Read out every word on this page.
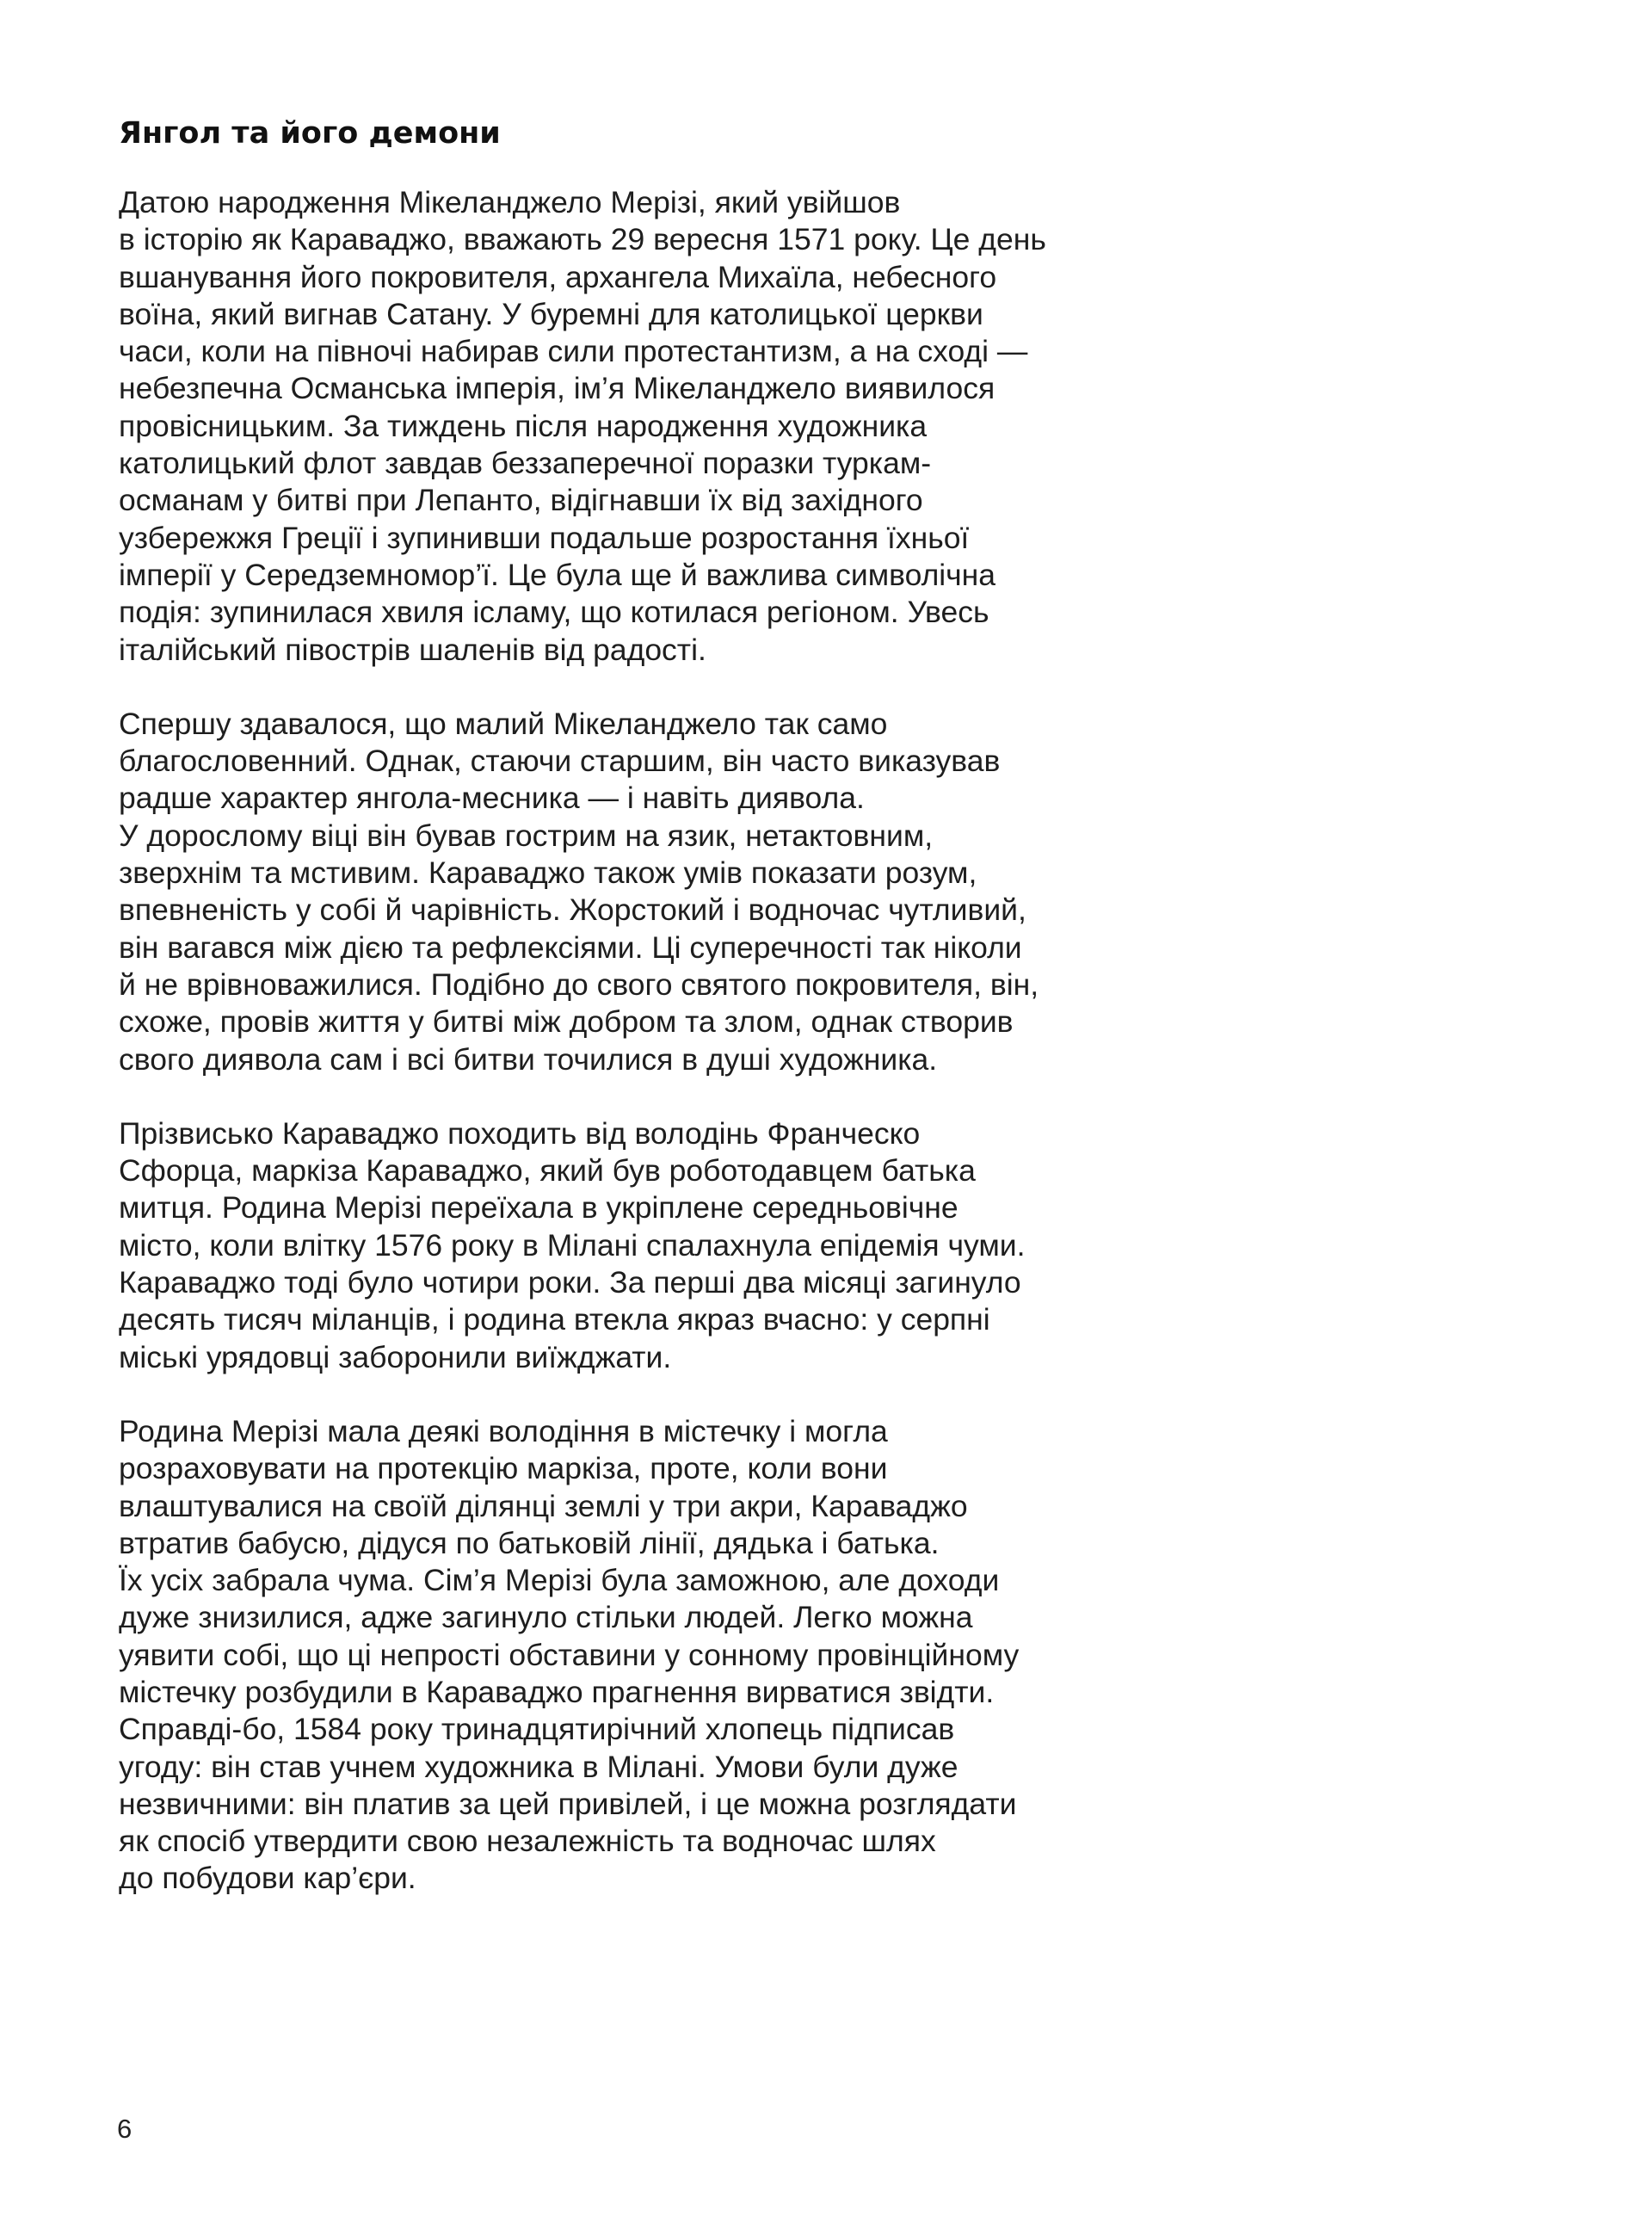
Янгол та його демони

Датою народження Мікеланджело Мерізі, який увійшов
в історію як Караваджо, вважають 29 вересня 1571 року. Це день
вшанування його покровителя, архангела Михаїла, небесного
воїна, який вигнав Сатану. У буремні для католицької церкви
часи, коли на півночі набирав сили протестантизм, а на сході —
небезпечна Османська імперія, ім’я Мікеланджело виявилося
провісницьким. За тиждень після народження художника
католицький флот завдав беззаперечної поразки туркам-
османам у битві при Лепанто, відігнавши їх від західного
узбережжя Греції і зупинивши подальше розростання їхньої
імперії у Середземномор’ї. Це була ще й важлива символічна
подія: зупинилася хвиля ісламу, що котилася регіоном. Увесь
італійський півострів шаленів від радості.

Спершу здавалося, що малий Мікеланджело так само
благословенний. Однак, стаючи старшим, він часто виказував
радше характер янгола-месника — і навіть диявола.
У дорослому віці він бував гострим на язик, нетактовним,
зверхнім та мстивим. Караваджо також умів показати розум,
впевненість у собі й чарівність. Жорстокий і водночас чутливий,
він вагався між дією та рефлексіями. Ці суперечності так ніколи
й не врівноважилися. Подібно до свого святого покровителя, він,
схоже, провів життя у битві між добром та злом, однак створив
свого диявола сам і всі битви точилися в душі художника.

Прізвисько Караваджо походить від володінь Франческо
Сфорца, маркіза Караваджо, який був роботодавцем батька
митця. Родина Мерізі переїхала в укріплене середньовічне
місто, коли влітку 1576 року в Мілані спалахнула епідемія чуми.
Караваджо тоді було чотири роки. За перші два місяці загинуло
десять тисяч міланців, і родина втекла якраз вчасно: у серпні
міські урядовці заборонили виїжджати.

Родина Мерізі мала деякі володіння в містечку і могла
розраховувати на протекцію маркіза, проте, коли вони
влаштувалися на своїй ділянці землі у три акри, Караваджо
втратив бабусю, дідуся по батьковій лінії, дядька і батька.
Їх усіх забрала чума. Сім’я Мерізі була заможною, але доходи
дуже знизилися, адже загинуло стільки людей. Легко можна
уявити собі, що ці непрості обставини у сонному провінційному
містечку розбудили в Караваджо прагнення вирватися звідти.
Справді-бо, 1584 року тринадцятирічний хлопець підписав
угоду: він став учнем художника в Мілані. Умови були дуже
незвичними: він платив за цей привілей, і це можна розглядати
як спосіб утвердити свою незалежність та водночас шлях
до побудови кар’єри.

6
